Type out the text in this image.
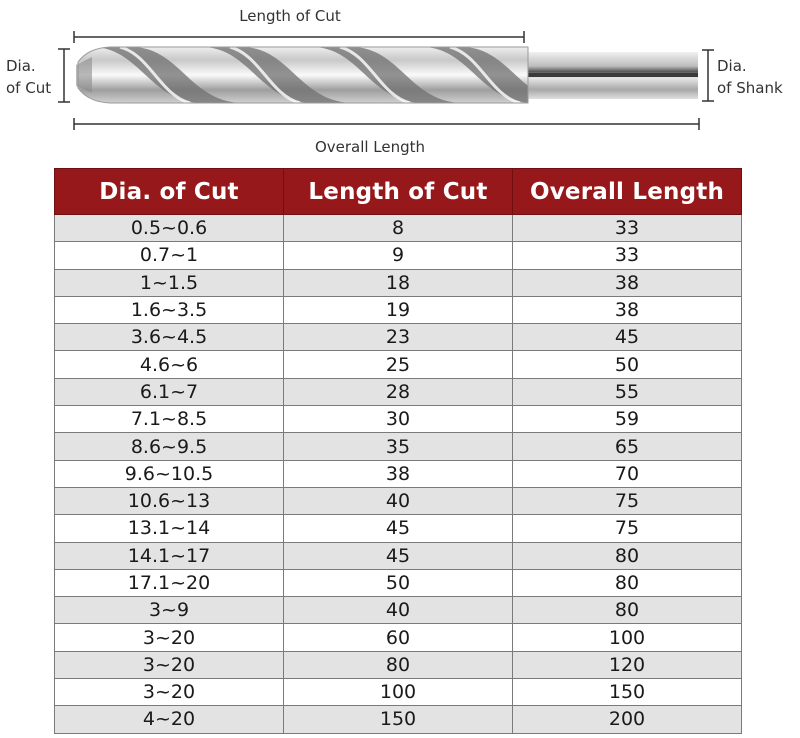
Length of Cut
Overall Length
Dia.
of Cut
Dia.
of Shank
Dia. of Cut	Length of Cut	Overall Length
0.5~0.6	8	33
0.7~1	9	33
1~1.5	18	38
1.6~3.5	19	38
3.6~4.5	23	45
4.6~6	25	50
6.1~7	28	55
7.1~8.5	30	59
8.6~9.5	35	65
9.6~10.5	38	70
10.6~13	40	75
13.1~14	45	75
14.1~17	45	80
17.1~20	50	80
3~9	40	80
3~20	60	100
3~20	80	120
3~20	100	150
4~20	150	200
